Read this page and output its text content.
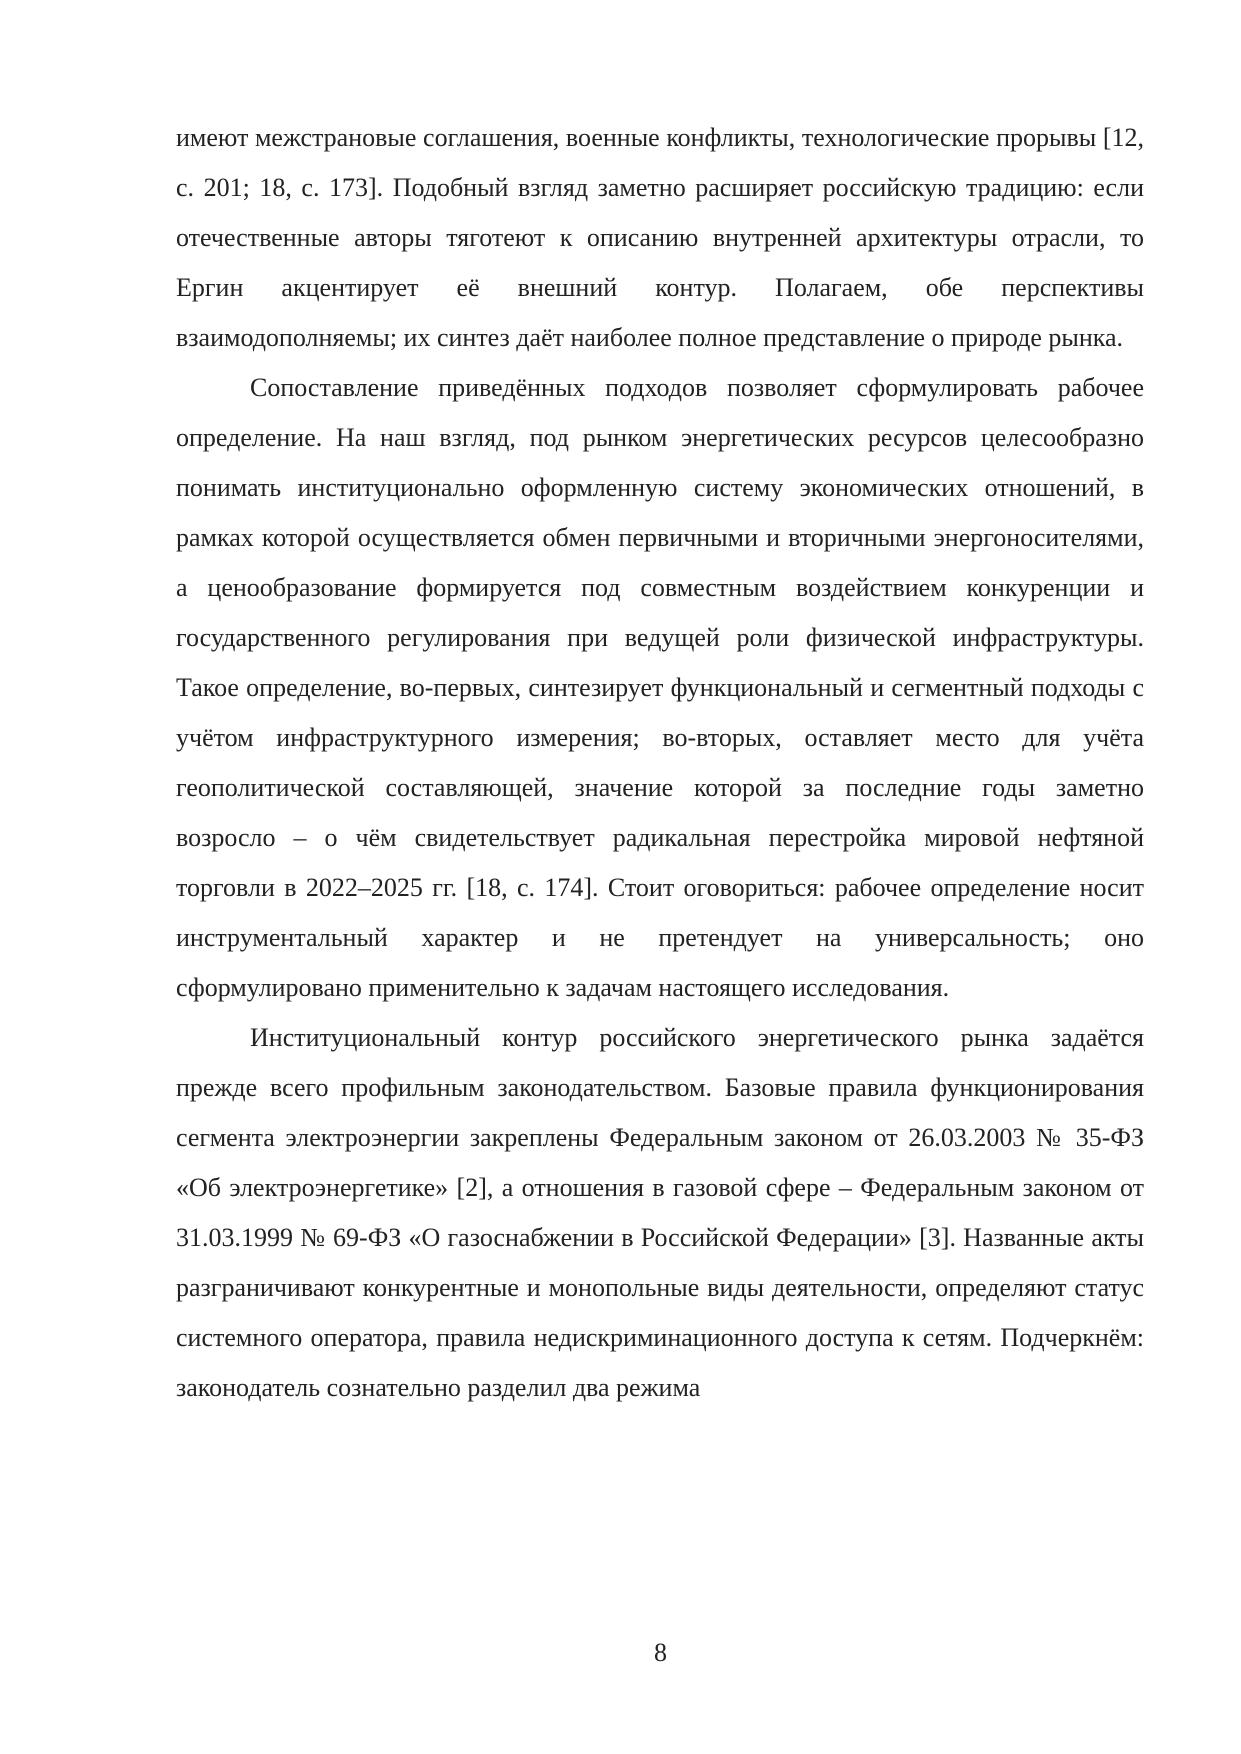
имеют межстрановые соглашения, военные конфликты, технологические прорывы [12, с. 201; 18, с. 173]. Подобный взгляд заметно расширяет российскую традицию: если отечественные авторы тяготеют к описанию внутренней архитектуры отрасли, то Ергин акцентирует её внешний контур. Полагаем, обе перспективы взаимодополняемы; их синтез даёт наиболее полное представление о природе рынка.

Сопоставление приведённых подходов позволяет сформулировать рабочее определение. На наш взгляд, под рынком энергетических ресурсов целесообразно понимать институционально оформленную систему экономических отношений, в рамках которой осуществляется обмен первичными и вторичными энергоносителями, а ценообразование формируется под совместным воздействием конкуренции и государственного регулирования при ведущей роли физической инфраструктуры. Такое определение, во-первых, синтезирует функциональный и сегментный подходы с учётом инфраструктурного измерения; во-вторых, оставляет место для учёта геополитической составляющей, значение которой за последние годы заметно возросло – о чём свидетельствует радикальная перестройка мировой нефтяной торговли в 2022–2025 гг. [18, с. 174]. Стоит оговориться: рабочее определение носит инструментальный характер и не претендует на универсальность; оно сформулировано применительно к задачам настоящего исследования.

Институциональный контур российского энергетического рынка задаётся прежде всего профильным законодательством. Базовые правила функционирования сегмента электроэнергии закреплены Федеральным законом от 26.03.2003 № 35-ФЗ «Об электроэнергетике» [2], а отношения в газовой сфере – Федеральным законом от 31.03.1999 № 69-ФЗ «О газоснабжении в Российской Федерации» [3]. Названные акты разграничивают конкурентные и монопольные виды деятельности, определяют статус системного оператора, правила недискриминационного доступа к сетям. Подчеркнём: законодатель сознательно разделил два режима

8
